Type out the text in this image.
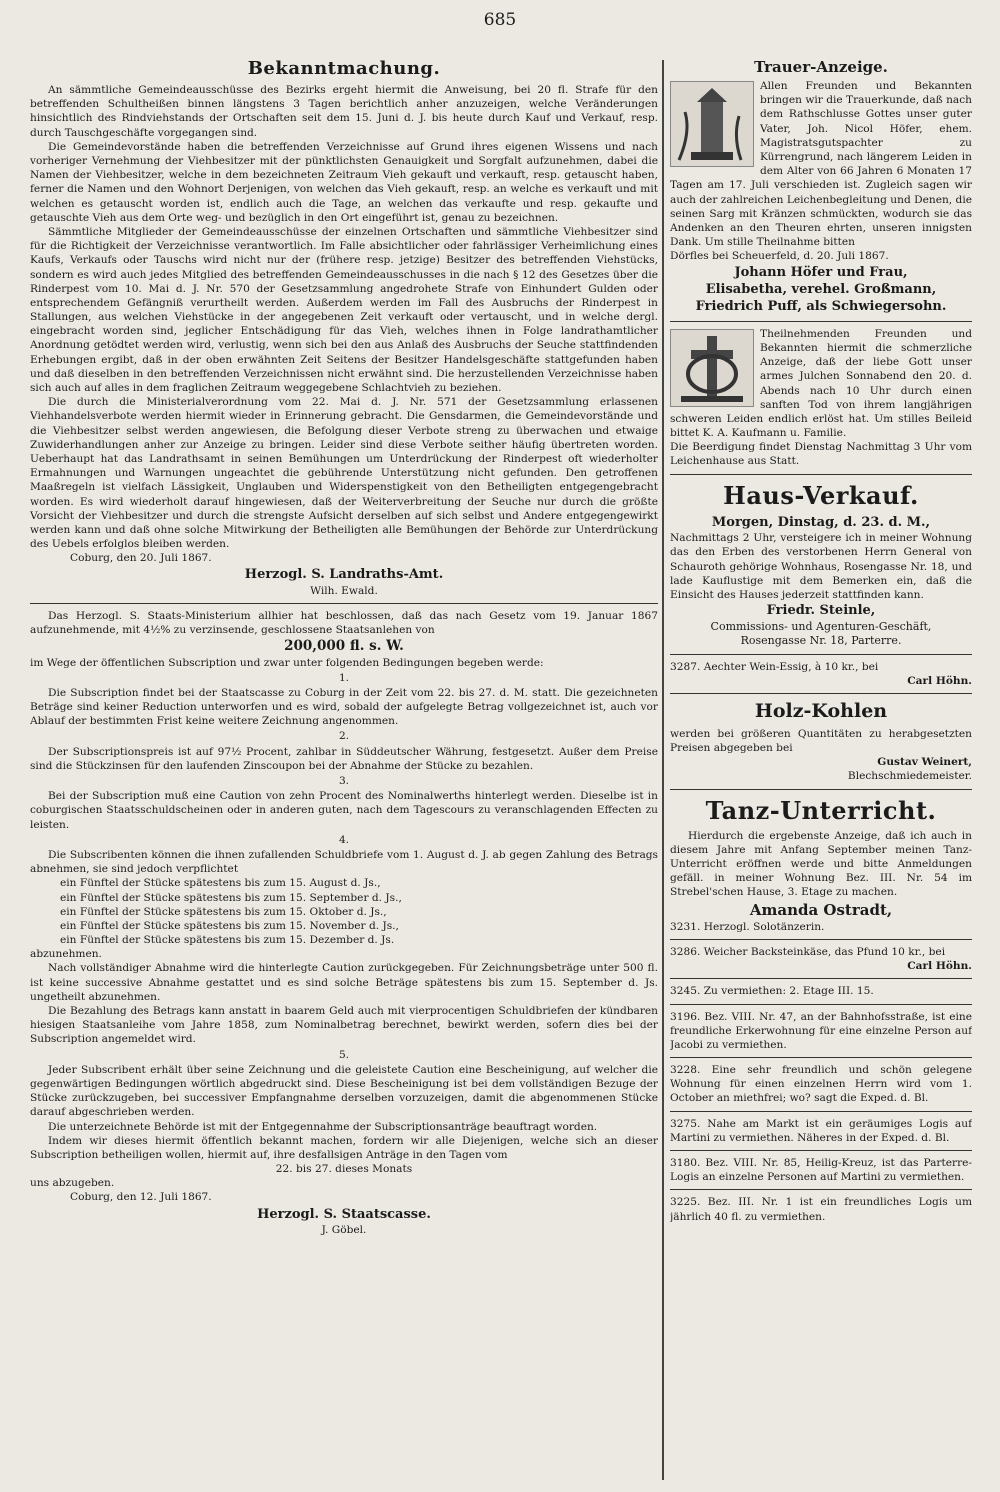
685
Bekanntmachung.

An sämmtliche Gemeindeausschüsse des Bezirks ergeht hiermit die Anweisung, bei 20 fl. Strafe für den betreffenden Schultheißen binnen längstens 3 Tagen berichtlich anher anzuzeigen, welche Veränderungen hinsichtlich des Rindviehstands der Ortschaften seit dem 15. Juni d. J. bis heute durch Kauf und Verkauf, resp. durch Tauschgeschäfte vorgegangen sind.

Die Gemeindevorstände haben die betreffenden Verzeichnisse auf Grund ihres eigenen Wissens und nach vorheriger Vernehmung der Viehbesitzer mit der pünktlichsten Genauigkeit und Sorgfalt aufzunehmen, dabei die Namen der Viehbesitzer, welche in dem bezeichneten Zeitraum Vieh gekauft und verkauft, resp. getauscht haben, ferner die Namen und den Wohnort Derjenigen, von welchen das Vieh gekauft, resp. an welche es verkauft und mit welchen es getauscht worden ist, endlich auch die Tage, an welchen das verkaufte und resp. gekaufte und getauschte Vieh aus dem Orte weg- und bezüglich in den Ort eingeführt ist, genau zu bezeichnen.

Sämmtliche Mitglieder der Gemeindeausschüsse der einzelnen Ortschaften und sämmtliche Viehbesitzer sind für die Richtigkeit der Verzeichnisse verantwortlich. Im Falle absichtlicher oder fahrlässiger Verheimlichung eines Kaufs, Verkaufs oder Tauschs wird nicht nur der (frühere resp. jetzige) Besitzer des betreffenden Viehstücks, sondern es wird auch jedes Mitglied des betreffenden Gemeindeausschusses in die nach § 12 des Gesetzes über die Rinderpest vom 10. Mai d. J. Nr. 570 der Gesetzsammlung angedrohete Strafe von Einhundert Gulden oder entsprechendem Gefängniß verurtheilt werden. Außerdem werden im Fall des Ausbruchs der Rinderpest in Stallungen, aus welchen Viehstücke in der angegebenen Zeit verkauft oder vertauscht, und in welche dergl. eingebracht worden sind, jeglicher Entschädigung für das Vieh, welches ihnen in Folge landrathamtlicher Anordnung getödtet werden wird, verlustig, wenn sich bei den aus Anlaß des Ausbruchs der Seuche stattfindenden Erhebungen ergibt, daß in der oben erwähnten Zeit Seitens der Besitzer Handelsgeschäfte stattgefunden haben und daß dieselben in den betreffenden Verzeichnissen nicht erwähnt sind. Die herzustellenden Verzeichnisse haben sich auch auf alles in dem fraglichen Zeitraum weggegebene Schlachtvieh zu beziehen.

Die durch die Ministerialverordnung vom 22. Mai d. J. Nr. 571 der Gesetzsammlung erlassenen Viehhandelsverbote werden hiermit wieder in Erinnerung gebracht. Die Gensdarmen, die Gemeindevorstände und die Viehbesitzer selbst werden angewiesen, die Befolgung dieser Verbote streng zu überwachen und etwaige Zuwiderhandlungen anher zur Anzeige zu bringen. Leider sind diese Verbote seither häufig übertreten worden. Ueberhaupt hat das Landrathsamt in seinen Bemühungen um Unterdrückung der Rinderpest oft wiederholter Ermahnungen und Warnungen ungeachtet die gebührende Unterstützung nicht gefunden. Den getroffenen Maaßregeln ist vielfach Lässigkeit, Unglauben und Widerspenstigkeit von den Betheiligten entgegengebracht worden. Es wird wiederholt darauf hingewiesen, daß der Weiterverbreitung der Seuche nur durch die größte Vorsicht der Viehbesitzer und durch die strengste Aufsicht derselben auf sich selbst und Andere entgegengewirkt werden kann und daß ohne solche Mitwirkung der Betheiligten alle Bemühungen der Behörde zur Unterdrückung des Uebels erfolglos bleiben werden.

Coburg, den 20. Juli 1867.

Herzogl. S. Landraths-Amt.
Wilh. Ewald.

Das Herzogl. S. Staats-Ministerium allhier hat beschlossen, daß das nach Gesetz vom 19. Januar 1867 aufzunehmende, mit 4½% zu verzinsende, geschlossene Staatsanlehen von

200,000 fl. s. W.

im Wege der öffentlichen Subscription und zwar unter folgenden Bedingungen begeben werde:

1.

Die Subscription findet bei der Staatscasse zu Coburg in der Zeit vom 22. bis 27. d. M. statt. Die gezeichneten Beträge sind keiner Reduction unterworfen und es wird, sobald der aufgelegte Betrag vollgezeichnet ist, auch vor Ablauf der bestimmten Frist keine weitere Zeichnung angenommen.

2.

Der Subscriptionspreis ist auf 97½ Procent, zahlbar in Süddeutscher Währung, festgesetzt. Außer dem Preise sind die Stückzinsen für den laufenden Zinscoupon bei der Abnahme der Stücke zu bezahlen.

3.

Bei der Subscription muß eine Caution von zehn Procent des Nominalwerths hinterlegt werden. Dieselbe ist in coburgischen Staatsschuldscheinen oder in anderen guten, nach dem Tagescours zu veranschlagenden Effecten zu leisten.

4.

Die Subscribenten können die ihnen zufallenden Schuldbriefe vom 1. August d. J. ab gegen Zahlung des Betrags abnehmen, sie sind jedoch verpflichtet

ein Fünftel der Stücke spätestens bis zum 15. August d. Js.,

ein Fünftel der Stücke spätestens bis zum 15. September d. Js.,

ein Fünftel der Stücke spätestens bis zum 15. Oktober d. Js.,

ein Fünftel der Stücke spätestens bis zum 15. November d. Js.,

ein Fünftel der Stücke spätestens bis zum 15. Dezember d. Js.

abzunehmen.

Nach vollständiger Abnahme wird die hinterlegte Caution zurückgegeben. Für Zeichnungsbeträge unter 500 fl. ist keine successive Abnahme gestattet und es sind solche Beträge spätestens bis zum 15. September d. Js. ungetheilt abzunehmen.

Die Bezahlung des Betrags kann anstatt in baarem Geld auch mit vierprocentigen Schuldbriefen der kündbaren hiesigen Staatsanleihe vom Jahre 1858, zum Nominalbetrag berechnet, bewirkt werden, sofern dies bei der Subscription angemeldet wird.

5.

Jeder Subscribent erhält über seine Zeichnung und die geleistete Caution eine Bescheinigung, auf welcher die gegenwärtigen Bedingungen wörtlich abgedruckt sind. Diese Bescheinigung ist bei dem vollständigen Bezuge der Stücke zurückzugeben, bei successiver Empfangnahme derselben vorzuzeigen, damit die abgenommenen Stücke darauf abgeschrieben werden.

Die unterzeichnete Behörde ist mit der Entgegennahme der Subscriptionsanträge beauftragt worden.

Indem wir dieses hiermit öffentlich bekannt machen, fordern wir alle Diejenigen, welche sich an dieser Subscription betheiligen wollen, hiermit auf, ihre desfallsigen Anträge in den Tagen vom

22. bis 27. dieses Monats

uns abzugeben.

Coburg, den 12. Juli 1867.

Herzogl. S. Staatscasse.
J. Göbel.
Trauer-Anzeige.

Allen Freunden und Bekannten bringen wir die Trauerkunde, daß nach dem Rathschlusse Gottes unser guter Vater, Joh. Nicol Höfer, ehem. Magistratsgutspachter zu Kürrengrund, nach längerem Leiden in dem Alter von 66 Jahren 6 Monaten 17 Tagen am 17. Juli verschieden ist. Zugleich sagen wir auch der zahlreichen Leichenbegleitung und Denen, die seinen Sarg mit Kränzen schmückten, wodurch sie das Andenken an den Theuren ehrten, unseren innigsten Dank. Um stille Theilnahme bitten

Dörfles bei Scheuerfeld, d. 20. Juli 1867.

Johann Höfer und Frau,
Elisabetha, verehel. Großmann,
Friedrich Puff, als Schwiegersohn.

Theilnehmenden Freunden und Bekannten hiermit die schmerzliche Anzeige, daß der liebe Gott unser armes Julchen Sonnabend den 20. d. Abends nach 10 Uhr durch einen sanften Tod von ihrem langjährigen schweren Leiden endlich erlöst hat. Um stilles Beileid bittet K. A. Kaufmann u. Familie.

Die Beerdigung findet Dienstag Nachmittag 3 Uhr vom Leichenhause aus Statt.

Haus-Verkauf.
Morgen, Dinstag, d. 23. d. M.,

Nachmittags 2 Uhr, versteigere ich in meiner Wohnung das den Erben des verstorbenen Herrn General von Schauroth gehörige Wohnhaus, Rosengasse Nr. 18, und lade Kauflustige mit dem Bemerken ein, daß die Einsicht des Hauses jederzeit stattfinden kann.

Friedr. Steinle,
Commissions- und Agenturen-Geschäft,
Rosengasse Nr. 18, Parterre.

3287. Aechter Wein-Essig, à 10 kr., bei

Carl Höhn.
Holz-Kohlen

werden bei größeren Quantitäten zu herabgesetzten Preisen abgegeben bei

Gustav Weinert,
Blechschmiedemeister.
Tanz-Unterricht.

Hierdurch die ergebenste Anzeige, daß ich auch in diesem Jahre mit Anfang September meinen Tanz-Unterricht eröffnen werde und bitte Anmeldungen gefäll. in meiner Wohnung Bez. III. Nr. 54 im Strebel'schen Hause, 3. Etage zu machen.

Amanda Ostradt,

3231. Herzogl. Solotänzerin.

3286. Weicher Backsteinkäse, das Pfund 10 kr., bei

Carl Höhn.

3245. Zu vermiethen: 2. Etage III. 15.

3196. Bez. VIII. Nr. 47, an der Bahnhofsstraße, ist eine freundliche Erkerwohnung für eine einzelne Person auf Jacobi zu vermiethen.

3228. Eine sehr freundlich und schön gelegene Wohnung für einen einzelnen Herrn wird vom 1. October an miethfrei; wo? sagt die Exped. d. Bl.

3275. Nahe am Markt ist ein geräumiges Logis auf Martini zu vermiethen. Näheres in der Exped. d. Bl.

3180. Bez. VIII. Nr. 85, Heilig-Kreuz, ist das Parterre-Logis an einzelne Personen auf Martini zu vermiethen.

3225. Bez. III. Nr. 1 ist ein freundliches Logis um jährlich 40 fl. zu vermiethen.
